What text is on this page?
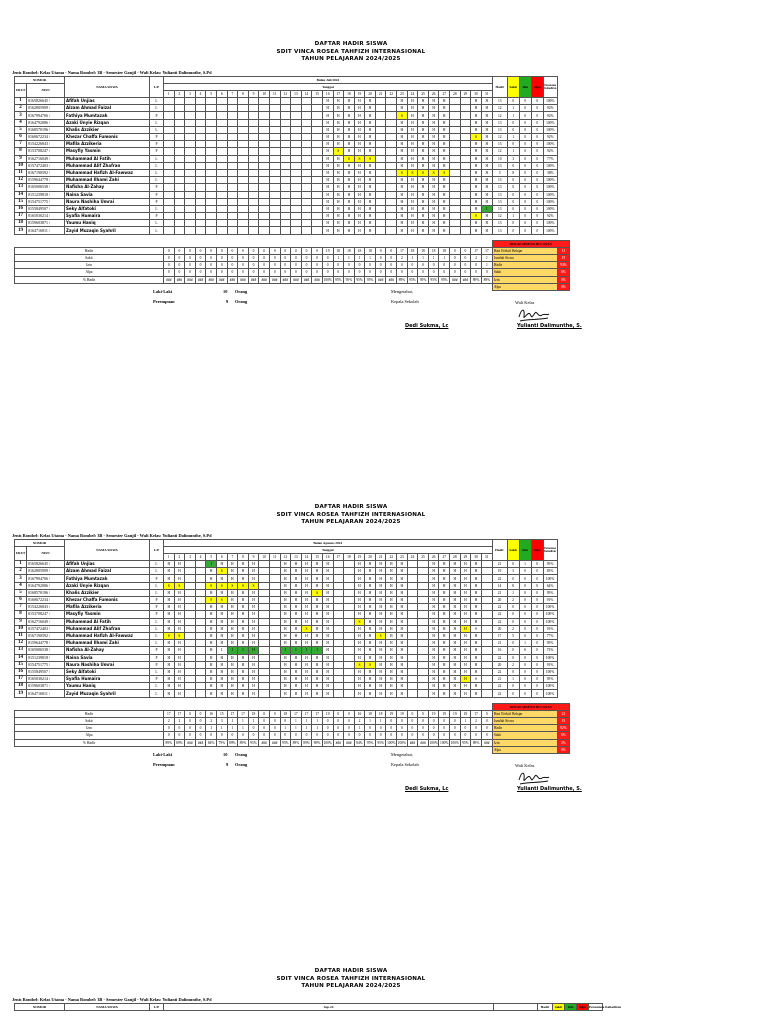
DAFTAR HADIR SISWA
SDIT VINCA ROSEA TAHFIZH INTERNASIONAL
TAHUN PELAJARAN 2024/2025
Jenis Rombel: Kelas Utama - Nama Rombel: 3B - Semester Ganjil - Wali Kelas: Yulianti Dalimunthe, S.Pd
NOMOR		NAMA SISWA	L/P	Bulan Juli 2024																															Hadir	Sakit	Izin	Alpa	Persentase Kehadiran
URUT	NISN			Tanggal																																			
				1	2	3	4	5	6	7	8	9	10	11	12	13	14	15	16	17	18	19	20	21	22	23	24	25	26	27	28	29	30	31					
1	0165826645 /	Afifah Unjias	L																H	H	H	H	H			H	H	H	H	H			H	H	13	0	0	0	100%
2	0162805909 /	Alzam Ahmad Faizal	L																H	H	H	H	H			H	H	H	H	H			H	H	12	1	0	0	92%
3	0167994706 /	Fathiya Mumtazah	P																H	H	H	H	H			S	H	H	H	H			H	H	12	1	0	0	92%
4	0164792086 /	Azaki Unyie Rizqan	L																H	H	H	H	H			H	H	H	H	H			H	H	13	0	0	0	100%
5	0168570196 /	Khalis Azzikier	L																H	H	H	H	H			H	H	H	H	H			H	H	13	0	0	0	100%
6	0160672234 /	Khezar Chaffa Fumonis	P																H	H	H	H	H			H	H	H	H	H			S	H	12	1	0	0	92%
7	0154226843 /	Mafila Azzikeria	P																H	H	H	H	H			H	H	H	H	H			H	H	13	0	0	0	100%
8	0153708247 /	Masyfiy Yasmin	P																H	S	H	H	H			H	H	H	H	H			H	H	12	1	0	0	92%
9	0162716049 /	Muhammad Al Fatih	L																H	H	S	S	S			H	H	H	H	H			H	H	10	3	0	0	77%
10	0157472403 /	Muhammad Alif Zhafran	L																H	H	H	H	H			H	H	H	H	H			H	H	13	0	0	0	100%
11	0167190592 /	Muhammad Hafizh Al-Fawwaz	L																H	H	H	H	H			S	S	S	S	S			H	H	5	8	0	0	38%
12	0159644778 /	Muhammad Ilhami Zahi	L																H	H	H	H	H			H	H	H	H	H			H	H	13	0	0	0	100%
13	0165006538 /	Nafisha Al-Zahay	P																H	H	H	H	H			H	H	H	H	H			H	H	13	0	0	0	100%
14	0151239818 /	Naina Savia	P																H	H	H	H	H			H	H	H	H	H			H	H	13	0	0	0	100%
15	0154751775 /	Naura Nashiha Umrai	P																H	H	H	H	H			H	H	H	H	H			H	H	13	0	0	0	100%
16	0155849507 /	Seky Alfatoki	L																H	H	H	H	H			H	H	H	H	H			H	I	13	0	0	0	100%
17	0165030214 /	Syafia Humaira	P																H	H	H	H	H			H	H	H	H	H			S	H	12	1	0	0	92%
18	0159603871 /	Yaumu Haniq	L																H	H	H	H	H			H	H	H	H	H			H	H	13	0	0	0	100%
19	0164716811 /	Zayid Muzaqin Syahril	L																H	H	H	H	H			H	H	H	H	H			H	H	13	0	0	0	100%
																																REKAP ABSENSI BULANAN	
Hadir	0	0	0	0	0	0	0	0	0	0	0	0	0	0	0	19	18	18	18	18	0	0	17	18	18	18	18	0	0	17	17	Hari Efektif Belajar	13
Sakit	0	0	0	0	0	0	0	0	0	0	0	0	0	0	0	0	1	1	1	1	0	0	2	1	1	1	1	0	0	2	1	Jumlah Siswa	19
Izin	0	0	0	0	0	0	0	0	0	0	0	0	0	0	0	0	0	0	0	0	0	0	0	0	0	0	0	0	0	0	1	Hadir	94%
Alpa	0	0	0	0	0	0	0	0	0	0	0	0	0	0	0	0	0	0	0	0	0	0	0	0	0	0	0	0	0	0	0	Sakit	6%
% Hadir	###	###	###	###	###	###	###	###	###	###	###	###	###	###	###	100%	95%	95%	95%	95%	###	###	89%	95%	95%	95%	95%	###	###	89%	89%	Izin	0%
																																Alpa	0%
Laki-Laki	10 Orang
Perempuan	9 Orang
Mengetahui,
Kepala Sekolah	Wali Kelas
Dedi Sukma, Lc	Yulianti Dalimunthe, S.
DAFTAR HADIR SISWA
SDIT VINCA ROSEA TAHFIZH INTERNASIONAL
TAHUN PELAJARAN 2024/2025
Jenis Rombel: Kelas Utama - Nama Rombel: 3B - Semester Ganjil - Wali Kelas: Yulianti Dalimunthe, S.Pd
NOMOR		NAMA SISWA	L/P	Bulan Agustus 2024																															Hadir	Sakit	Izin	Alpa	Persentase Kehadiran
URUT	NISN			Tanggal																																			
				1	2	3	4	5	6	7	8	9	10	11	12	13	14	15	16	17	18	19	20	21	22	23	24	25	26	27	28	29	30	31					
1	0165826645 /	Afifah Unjias	L	H	H			I	H	H	H	H			H	H	H	H	H			H	H	H	H	H			H	H	H	H	H		21	0	1	0	95%
2	0162805909 /	Alzam Ahmad Faizal	L	H	H			H	S	H	H	H			H	H	H	H	H			H	H	H	H	H			H	H	H	H	H		19	3	0	0	83%
3	0167994706 /	Fathiya Mumtazah	P	H	H			H	H	H	H	H			H	H	H	H	H			H	H	H	H	H			H	H	H	H	H		22	0	0	0	100%
4	0164792086 /	Azaki Unyie Rizqan	L	S	S			S	S	S	S	S			H	H	H	H	H			H	H	H	H	H			H	H	H	H	H		14	8	0	0	64%
5	0168570196 /	Khalis Azzikier	L	H	H			H	H	H	H	H			H	H	H	S	H			H	H	H	H	H			H	H	H	H	H		21	1	0	0	95%
6	0160672234 /	Khezar Chaffa Fumonis	P	H	H			S	S	H	H	H			H	H	H	H	H			H	H	H	H	H			H	H	H	H	H		20	2	0	0	91%
7	0154226843 /	Mafila Azzikeria	P	H	H			H	H	H	H	H			H	H	H	H	H			H	H	H	H	H			H	H	H	H	H		22	0	0	0	100%
8	0153708247 /	Masyfiy Yasmin	P	H	H			H	H	H	H	H			H	H	H	H	H			H	H	H	H	H			H	H	H	H	H		22	0	0	0	100%
9	0162716049 /	Muhammad Al Fatih	L	H	H			H	H	H	H	H			H	H	H	H	H			S	H	H	H	H			H	H	H	H	H		22	0	0	0	100%
10	0157472403 /	Muhammad Alif Zhafran	L	H	H			H	H	H	H	H			H	H	S	H	H			H	H	H	H	H			H	H	H	H	S		20	2	0	0	91%
11	0167190592 /	Muhammad Hafizh Al-Fawwaz	L	S	S			H	H	H	H	H			H	H	H	H	H			H	H	S	H	H			H	H	H	H	H		17	5	0	0	77%
12	0159644778 /	Muhammad Ilhami Zahi	L	H	H			H	H	H	H	H			H	H	H	H	H			H	H	H	H	H			H	H	H	H	H		21	0	1	0	95%
13	0165006538 /	Nafisha Al-Zahay	P	H	H			H	I	I	I	H			I	I	I	I	H			H	H	H	H	H			H	H	H	H	H		16	0	6	0	73%
14	0151239818 /	Naina Savia	P	H	H			H	H	H	H	H			H	H	H	H	H			H	H	H	H	H			H	H	H	H	H		22	0	0	0	100%
15	0154751775 /	Naura Nashiha Umrai	P	H	H			H	H	H	H	H			H	H	H	H	H			S	S	H	H	H			H	H	H	H	H		20	2	0	0	91%
16	0155849507 /	Seky Alfatoki	L	H	H			H	H	H	H	H			H	H	H	H	H			H	H	H	H	H			H	H	H	H	H		22	0	0	0	100%
17	0165030214 /	Syafia Humaira	P	H	H			H	H	H	H	H			H	H	H	H	H			H	H	H	H	H			H	H	H	H	S		21	1	0	0	95%
18	0159603871 /	Yaumu Haniq	L	H	H			H	H	H	H	H			H	H	H	H	H			H	H	H	H	H			H	H	H	H	H		22	0	0	0	100%
19	0164716811 /	Zayid Muzaqin Syahril	L	H	H			H	H	H	H	H			H	H	H	H	H			H	H	H	H	H			H	H	H	H	H		22	0	0	0	100%
																																REKAP ABSENSI BULANAN	
Hadir	17	17	0	0	16	15	17	17	18	0	0	18	17	17	17	19	0	0	16	18	18	19	19	0	0	19	19	19	18	17	0	Hari Efektif Belajar	22
Sakit	2	2	0	0	2	3	1	1	1	0	0	0	1	1	1	0	0	0	2	1	1	0	0	0	0	0	0	0	1	2	0	Jumlah Siswa	19
Izin	0	0	0	0	1	1	1	1	0	0	0	1	1	1	1	0	0	0	1	0	0	0	0	0	0	0	0	0	0	0	0	Hadir	92%
Alpa	0	0	0	0	0	0	0	0	0	0	0	0	0	0	0	0	0	0	0	0	0	0	0	0	0	0	0	0	0	0	0	Sakit	6%
% Hadir	89%	89%	###	###	84%	79%	89%	89%	95%	###	###	95%	89%	89%	89%	100%	###	###	84%	95%	95%	100%	100%	###	###	100%	100%	100%	95%	89%	###	Izin	2%
																																Alpa	0%
Laki-Laki	10 Orang
Perempuan	9 Orang
Mengetahui,
Kepala Sekolah	Wali Kelas
Dedi Sukma, Lc	Yulianti Dalimunthe, S.
DAFTAR HADIR SISWA
SDIT VINCA ROSEA TAHFIZH INTERNASIONAL
TAHUN PELAJARAN 2024/2025
Jenis Rombel: Kelas Utama - Nama Rombel: 3B - Semester Ganjil - Wali Kelas: Yulianti Dalimunthe, S.Pd
NOMOR	NAMA SISWA	L/P	Sep-24		Hadir	Sakit	Izin	Alpa	Persentase Kehadiran
